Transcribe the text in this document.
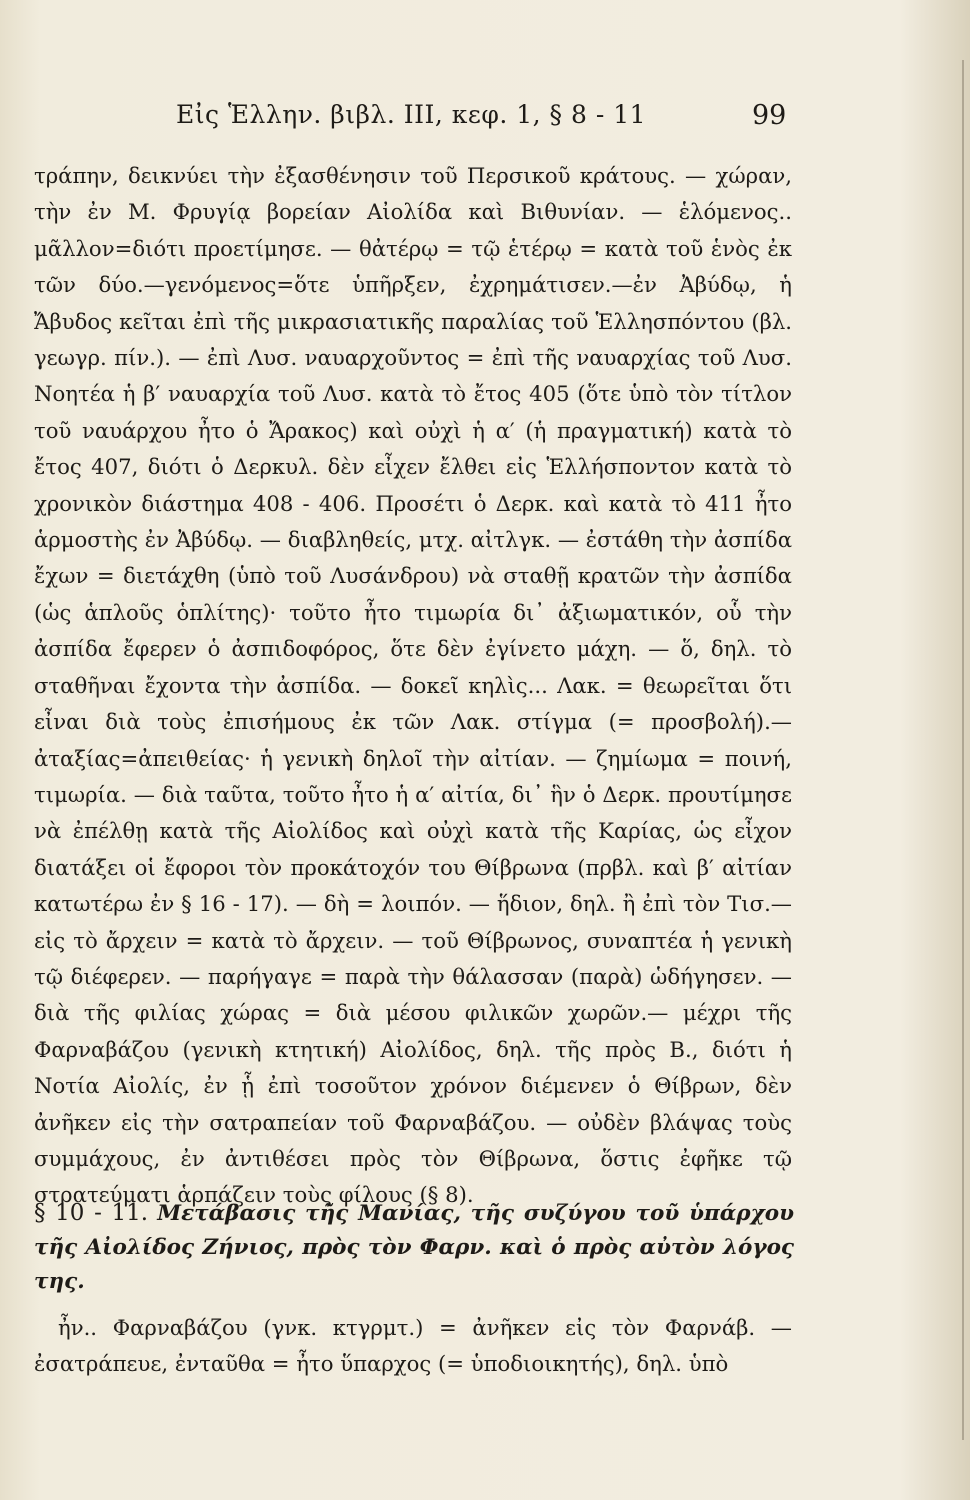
Εἰς Ἑλλην. βιβλ. III, κεφ. 1, § 8 - 11	99

τράπην, δεικνύει τὴν ἐξασθένησιν τοῦ Περσικοῦ κράτους. — χώραν, τὴν ἐν Μ. Φρυγίᾳ βορείαν Αἰολίδα καὶ Βιθυνίαν. — ἑλόμενος.. μᾶλλον=διότι προετίμησε. — θἀτέρῳ = τῷ ἑτέρῳ = κατὰ τοῦ ἑνὸς ἐκ τῶν δύο.—γενόμενος=ὅτε ὑπῆρξεν, ἐχρημάτισεν.—ἐν Ἀβύδῳ, ἡ Ἄβυδος κεῖται ἐπὶ τῆς μικρασιατικῆς παραλίας τοῦ Ἑλλησπόντου (βλ. γεωγρ. πίν.). — ἐπὶ Λυσ. ναυαρχοῦντος = ἐπὶ τῆς ναυαρχίας τοῦ Λυσ. Νοητέα ἡ β′ ναυαρχία τοῦ Λυσ. κατὰ τὸ ἔτος 405 (ὅτε ὑπὸ τὸν τίτλον τοῦ ναυάρχου ἦτο ὁ Ἄρακος) καὶ οὐχὶ ἡ α′ (ἡ πραγματική) κατὰ τὸ ἔτος 407, διότι ὁ Δερκυλ. δὲν εἶχεν ἔλθει εἰς Ἑλλήσποντον κατὰ τὸ χρονικὸν διάστημα 408 - 406. Προσέτι ὁ Δερκ. καὶ κατὰ τὸ 411 ἦτο ἁρμοστὴς ἐν Ἀβύδῳ. — διαβληθείς, μτχ. αἰτλγκ. — ἐστάθη τὴν ἀσπίδα ἔχων = διετάχθη (ὑπὸ τοῦ Λυσάνδρου) νὰ σταθῇ κρατῶν τὴν ἀσπίδα (ὡς ἁπλοῦς ὁπλίτης)· τοῦτο ἦτο τιμωρία δι᾽ ἀξιωματικόν, οὗ τὴν ἀσπίδα ἔφερεν ὁ ἀσπιδοφόρος, ὅτε δὲν ἐγίνετο μάχη. — ὅ, δηλ. τὸ σταθῆναι ἔχοντα τὴν ἀσπίδα. — δοκεῖ κηλὶς... Λακ. = θεωρεῖται ὅτι εἶναι διὰ τοὺς ἐπισήμους ἐκ τῶν Λακ. στίγμα (= προσβολή).—ἀταξίας=ἀπειθείας· ἡ γενικὴ δηλοῖ τὴν αἰτίαν. — ζημίωμα = ποινή, τιμωρία. — διὰ ταῦτα, τοῦτο ἦτο ἡ α′ αἰτία, δι᾽ ἣν ὁ Δερκ. προυτίμησε νὰ ἐπέλθῃ κατὰ τῆς Αἰολίδος καὶ οὐχὶ κατὰ τῆς Καρίας, ὡς εἶχον διατάξει οἱ ἔφοροι τὸν προκάτοχόν του Θίβρωνα (πρβλ. καὶ β′ αἰτίαν κατωτέρω ἐν § 16 - 17). — δὴ = λοιπόν. — ἥδιον, δηλ. ἢ ἐπὶ τὸν Τισ.— εἰς τὸ ἄρχειν = κατὰ τὸ ἄρχειν. — τοῦ Θίβρωνος, συναπτέα ἡ γενικὴ τῷ διέφερεν. — παρήγαγε = παρὰ τὴν θάλασσαν (παρὰ) ὡδήγησεν. — διὰ τῆς φιλίας χώρας = διὰ μέσου φιλικῶν χωρῶν.— μέχρι τῆς Φαρναβάζου (γενικὴ κτητική) Αἰολίδος, δηλ. τῆς πρὸς Β., διότι ἡ Νοτία Αἰολίς, ἐν ᾗ ἐπὶ τοσοῦτον χρόνον διέμενεν ὁ Θίβρων, δὲν ἀνῆκεν εἰς τὴν σατραπείαν τοῦ Φαρναβάζου. — οὐδὲν βλάψας τοὺς συμμάχους, ἐν ἀντιθέσει πρὸς τὸν Θίβρωνα, ὅστις ἐφῆκε τῷ στρατεύματι ἁρπάζειν τοὺς φίλους (§ 8).

§ 10 - 11. Μετάβασις τῆς Μανίας, τῆς συζύγου τοῦ ὑπάρχου τῆς Αἰολίδος Ζήνιος, πρὸς τὸν Φαρν. καὶ ὁ πρὸς αὐτὸν λόγος της.

ἦν.. Φαρναβάζου (γνκ. κτγρμτ.) = ἀνῆκεν εἰς τὸν Φαρνάβ. — ἐσατράπευε, ἐνταῦθα = ἦτο ὕπαρχος (= ὑποδιοικητής), δηλ. ὑπὸ
